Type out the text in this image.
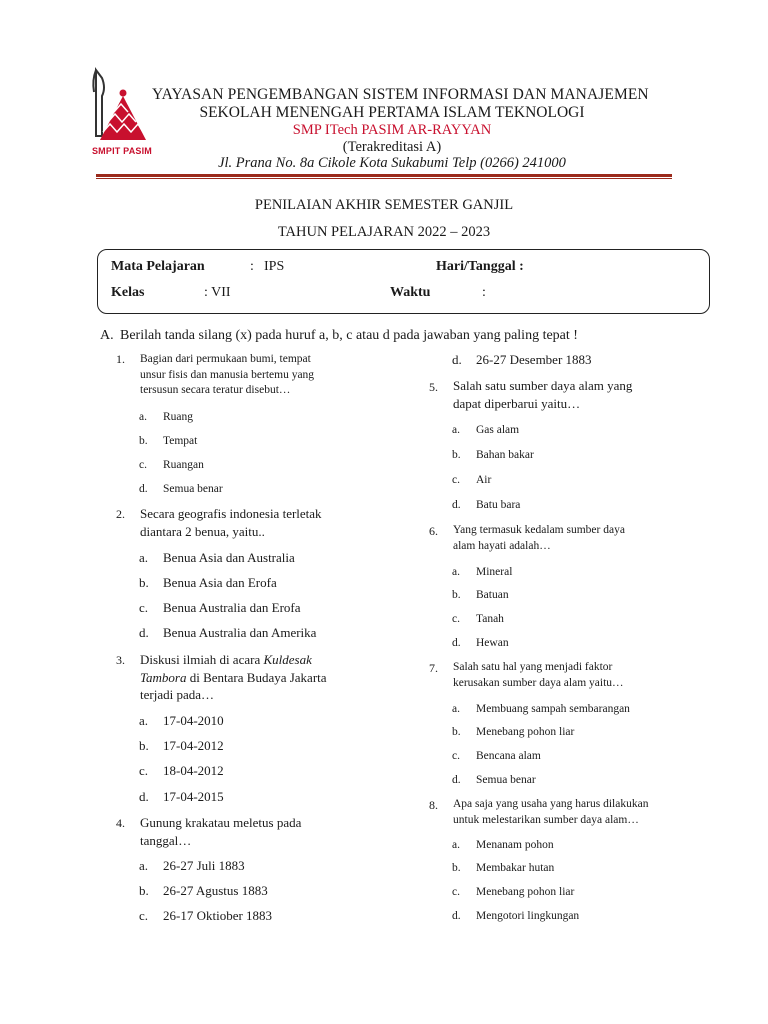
SMPIT PASIM
YAYASAN PENGEMBANGAN SISTEM INFORMASI DAN MANAJEMEN
SEKOLAH MENENGAH PERTAMA ISLAM TEKNOLOGI
SMP ITech PASIM AR-RAYYAN
(Terakreditasi A)
Jl. Prana No. 8a Cikole Kota Sukabumi Telp (0266) 241000
PENILAIAN AKHIR SEMESTER GANJIL
TAHUN PELAJARAN 2022 – 2023
Mata Pelajaran	: IPS	Hari/Tanggal :
Kelas	: VII	Waktu	:
A. Berilah tanda silang (x) pada huruf a, b, c atau d pada jawaban yang paling tepat !
1. Bagian dari permukaan bumi, tempat
unsur fisis dan manusia bertemu yang
tersusun secara teratur disebut…
a. Ruang
b. Tempat
c. Ruangan
d. Semua benar
2. Secara geografis indonesia terletak
diantara 2 benua, yaitu..
a. Benua Asia dan Australia
b. Benua Asia dan Erofa
c. Benua Australia dan Erofa
d. Benua Australia dan Amerika
3. Diskusi ilmiah di acara Kuldesak
Tambora di Bentara Budaya Jakarta
terjadi pada…
a. 17-04-2010
b. 17-04-2012
c. 18-04-2012
d. 17-04-2015
4. Gunung krakatau meletus pada
tanggal…
a. 26-27 Juli 1883
b. 26-27 Agustus 1883
c. 26-17 Oktiober 1883
d. 26-27 Desember 1883
5. Salah satu sumber daya alam yang
dapat diperbarui yaitu…
a. Gas alam
b. Bahan bakar
c. Air
d. Batu bara
6. Yang termasuk kedalam sumber daya
alam hayati adalah…
a. Mineral
b. Batuan
c. Tanah
d. Hewan
7. Salah satu hal yang menjadi faktor
kerusakan sumber daya alam yaitu…
a. Membuang sampah sembarangan
b. Menebang pohon liar
c. Bencana alam
d. Semua benar
8. Apa saja yang usaha yang harus dilakukan
untuk melestarikan sumber daya alam…
a. Menanam pohon
b. Membakar hutan
c. Menebang pohon liar
d. Mengotori lingkungan
